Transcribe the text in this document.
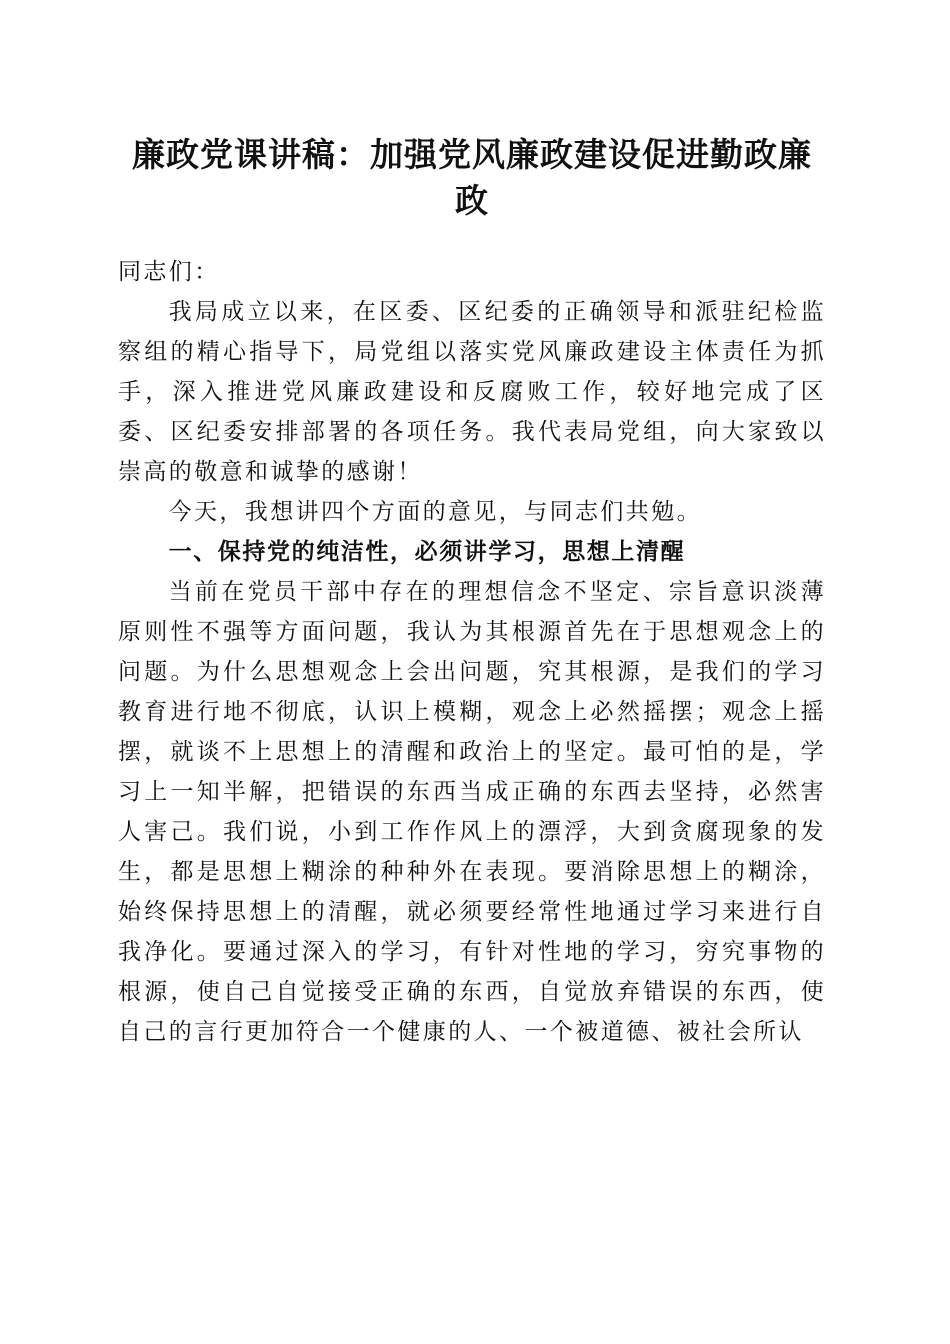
廉政党课讲稿：加强党风廉政建设促进勤政廉政

同志们：

我局成立以来，在区委、区纪委的正确领导和派驻纪检监察组的精心指导下，局党组以落实党风廉政建设主体责任为抓手，深入推进党风廉政建设和反腐败工作，较好地完成了区委、区纪委安排部署的各项任务。我代表局党组，向大家致以崇高的敬意和诚挚的感谢！

今天，我想讲四个方面的意见，与同志们共勉。

一、保持党的纯洁性，必须讲学习，思想上清醒

当前在党员干部中存在的理想信念不坚定、宗旨意识淡薄原则性不强等方面问题，我认为其根源首先在于思想观念上的问题。为什么思想观念上会出问题，究其根源，是我们的学习教育进行地不彻底，认识上模糊，观念上必然摇摆；观念上摇摆，就谈不上思想上的清醒和政治上的坚定。最可怕的是，学习上一知半解，把错误的东西当成正确的东西去坚持，必然害人害己。我们说，小到工作作风上的漂浮，大到贪腐现象的发生，都是思想上糊涂的种种外在表现。要消除思想上的糊涂，始终保持思想上的清醒，就必须要经常性地通过学习来进行自我净化。要通过深入的学习，有针对性地的学习，穷究事物的根源，使自己自觉接受正确的东西，自觉放弃错误的东西，使自己的言行更加符合一个健康的人、一个被道德、被社会所认
